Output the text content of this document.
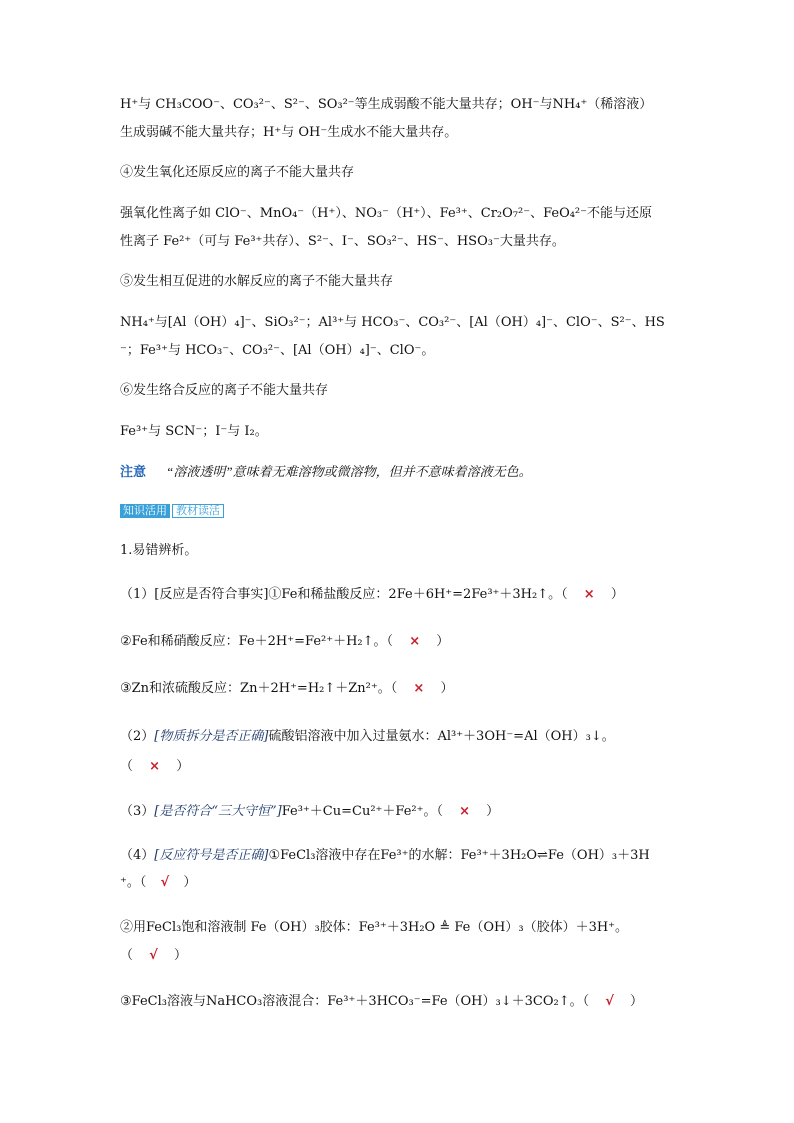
H⁺与 CH₃COO⁻、CO₃²⁻、S²⁻、SO₃²⁻等生成弱酸不能大量共存；OH⁻与NH₄⁺（稀溶液）
生成弱碱不能大量共存；H⁺与 OH⁻生成水不能大量共存。
④发生氧化还原反应的离子不能大量共存
强氧化性离子如 ClO⁻、MnO₄⁻（H⁺）、NO₃⁻（H⁺）、Fe³⁺、Cr₂O₇²⁻、FeO₄²⁻不能与还原
性离子 Fe²⁺（可与 Fe³⁺共存）、S²⁻、I⁻、SO₃²⁻、HS⁻、HSO₃⁻大量共存。
⑤发生相互促进的水解反应的离子不能大量共存
NH₄⁺与[Al（OH）₄]⁻、SiO₃²⁻；Al³⁺与 HCO₃⁻、CO₃²⁻、[Al（OH）₄]⁻、ClO⁻、S²⁻、HS
⁻；Fe³⁺与 HCO₃⁻、CO₃²⁻、[Al（OH）₄]⁻、ClO⁻。
⑥发生络合反应的离子不能大量共存
Fe³⁺与 SCN⁻；I⁻与 I₂。
注意 “溶液透明”意味着无难溶物或微溶物，但并不意味着溶液无色。
知识活用 教材读活
1.易错辨析。
（1）[反应是否符合事实]①Fe和稀盐酸反应：2Fe＋6H⁺=2Fe³⁺＋3H₂↑。（ × ）
②Fe和稀硝酸反应：Fe＋2H⁺=Fe²⁺＋H₂↑。（ × ）
③Zn和浓硫酸反应：Zn＋2H⁺=H₂↑＋Zn²⁺。（ × ）
（2）[物质拆分是否正确]硫酸铝溶液中加入过量氨水：Al³⁺＋3OH⁻=Al（OH）₃↓。
（ × ）
（3）[是否符合“三大守恒”]Fe³⁺＋Cu=Cu²⁺＋Fe²⁺。（ × ）
（4）[反应符号是否正确]①FeCl₃溶液中存在Fe³⁺的水解：Fe³⁺＋3H₂O⇌Fe（OH）₃＋3H
⁺。（ √ ）
②用FeCl₃饱和溶液制 Fe（OH）₃胶体：Fe³⁺＋3H₂O ≜ Fe（OH）₃（胶体）＋3H⁺。
（ √ ）
③FeCl₃溶液与NaHCO₃溶液混合：Fe³⁺＋3HCO₃⁻=Fe（OH）₃↓＋3CO₂↑。（ √ ）
